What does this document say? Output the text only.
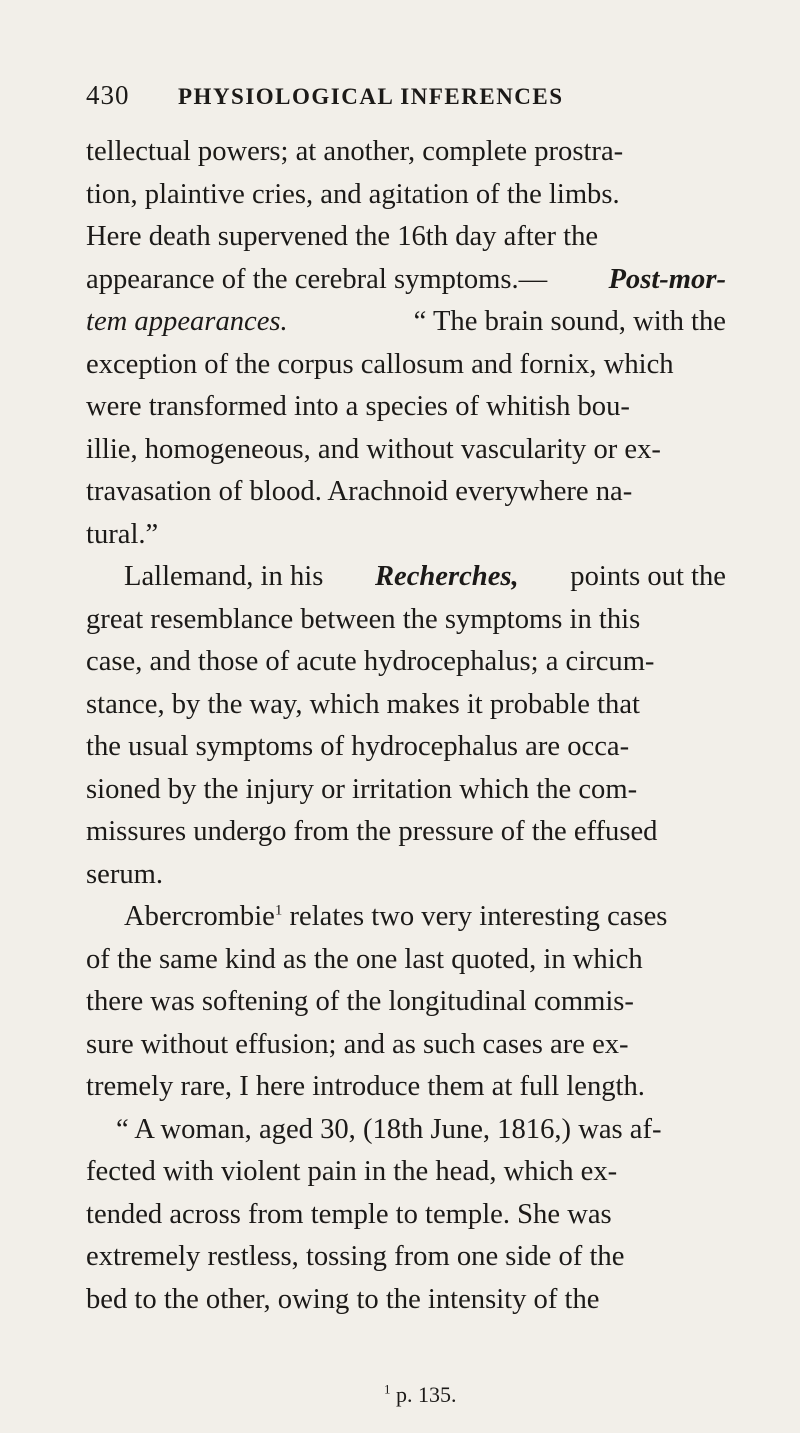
430	PHYSIOLOGICAL INFERENCES
tellectual powers; at another, complete prostra-
tion, plaintive cries, and agitation of the limbs.
Here death supervened the 16th day after the
appearance of the cerebral symptoms.— Post-mor-
tem appearances.	“ The brain sound, with the
exception of the corpus callosum and fornix, which
were transformed into a species of whitish bou-
illie, homogeneous, and without vascularity or ex-
travasation of blood. Arachnoid everywhere na-
tural.”
Lallemand, in his Recherches, points out the
great resemblance between the symptoms in this
case, and those of acute hydrocephalus; a circum-
stance, by the way, which makes it probable that
the usual symptoms of hydrocephalus are occa-
sioned by the injury or irritation which the com-
missures undergo from the pressure of the effused
serum.
Abercrombie$^1$ relates two very interesting cases
of the same kind as the one last quoted, in which
there was softening of the longitudinal commis-
sure without effusion; and as such cases are ex-
tremely rare, I here introduce them at full length.
“ A woman, aged 30, (18th June, 1816,) was af-
fected with violent pain in the head, which ex-
tended across from temple to temple. She was
extremely restless, tossing from one side of the
bed to the other, owing to the intensity of the
$^1$ p. 135.
